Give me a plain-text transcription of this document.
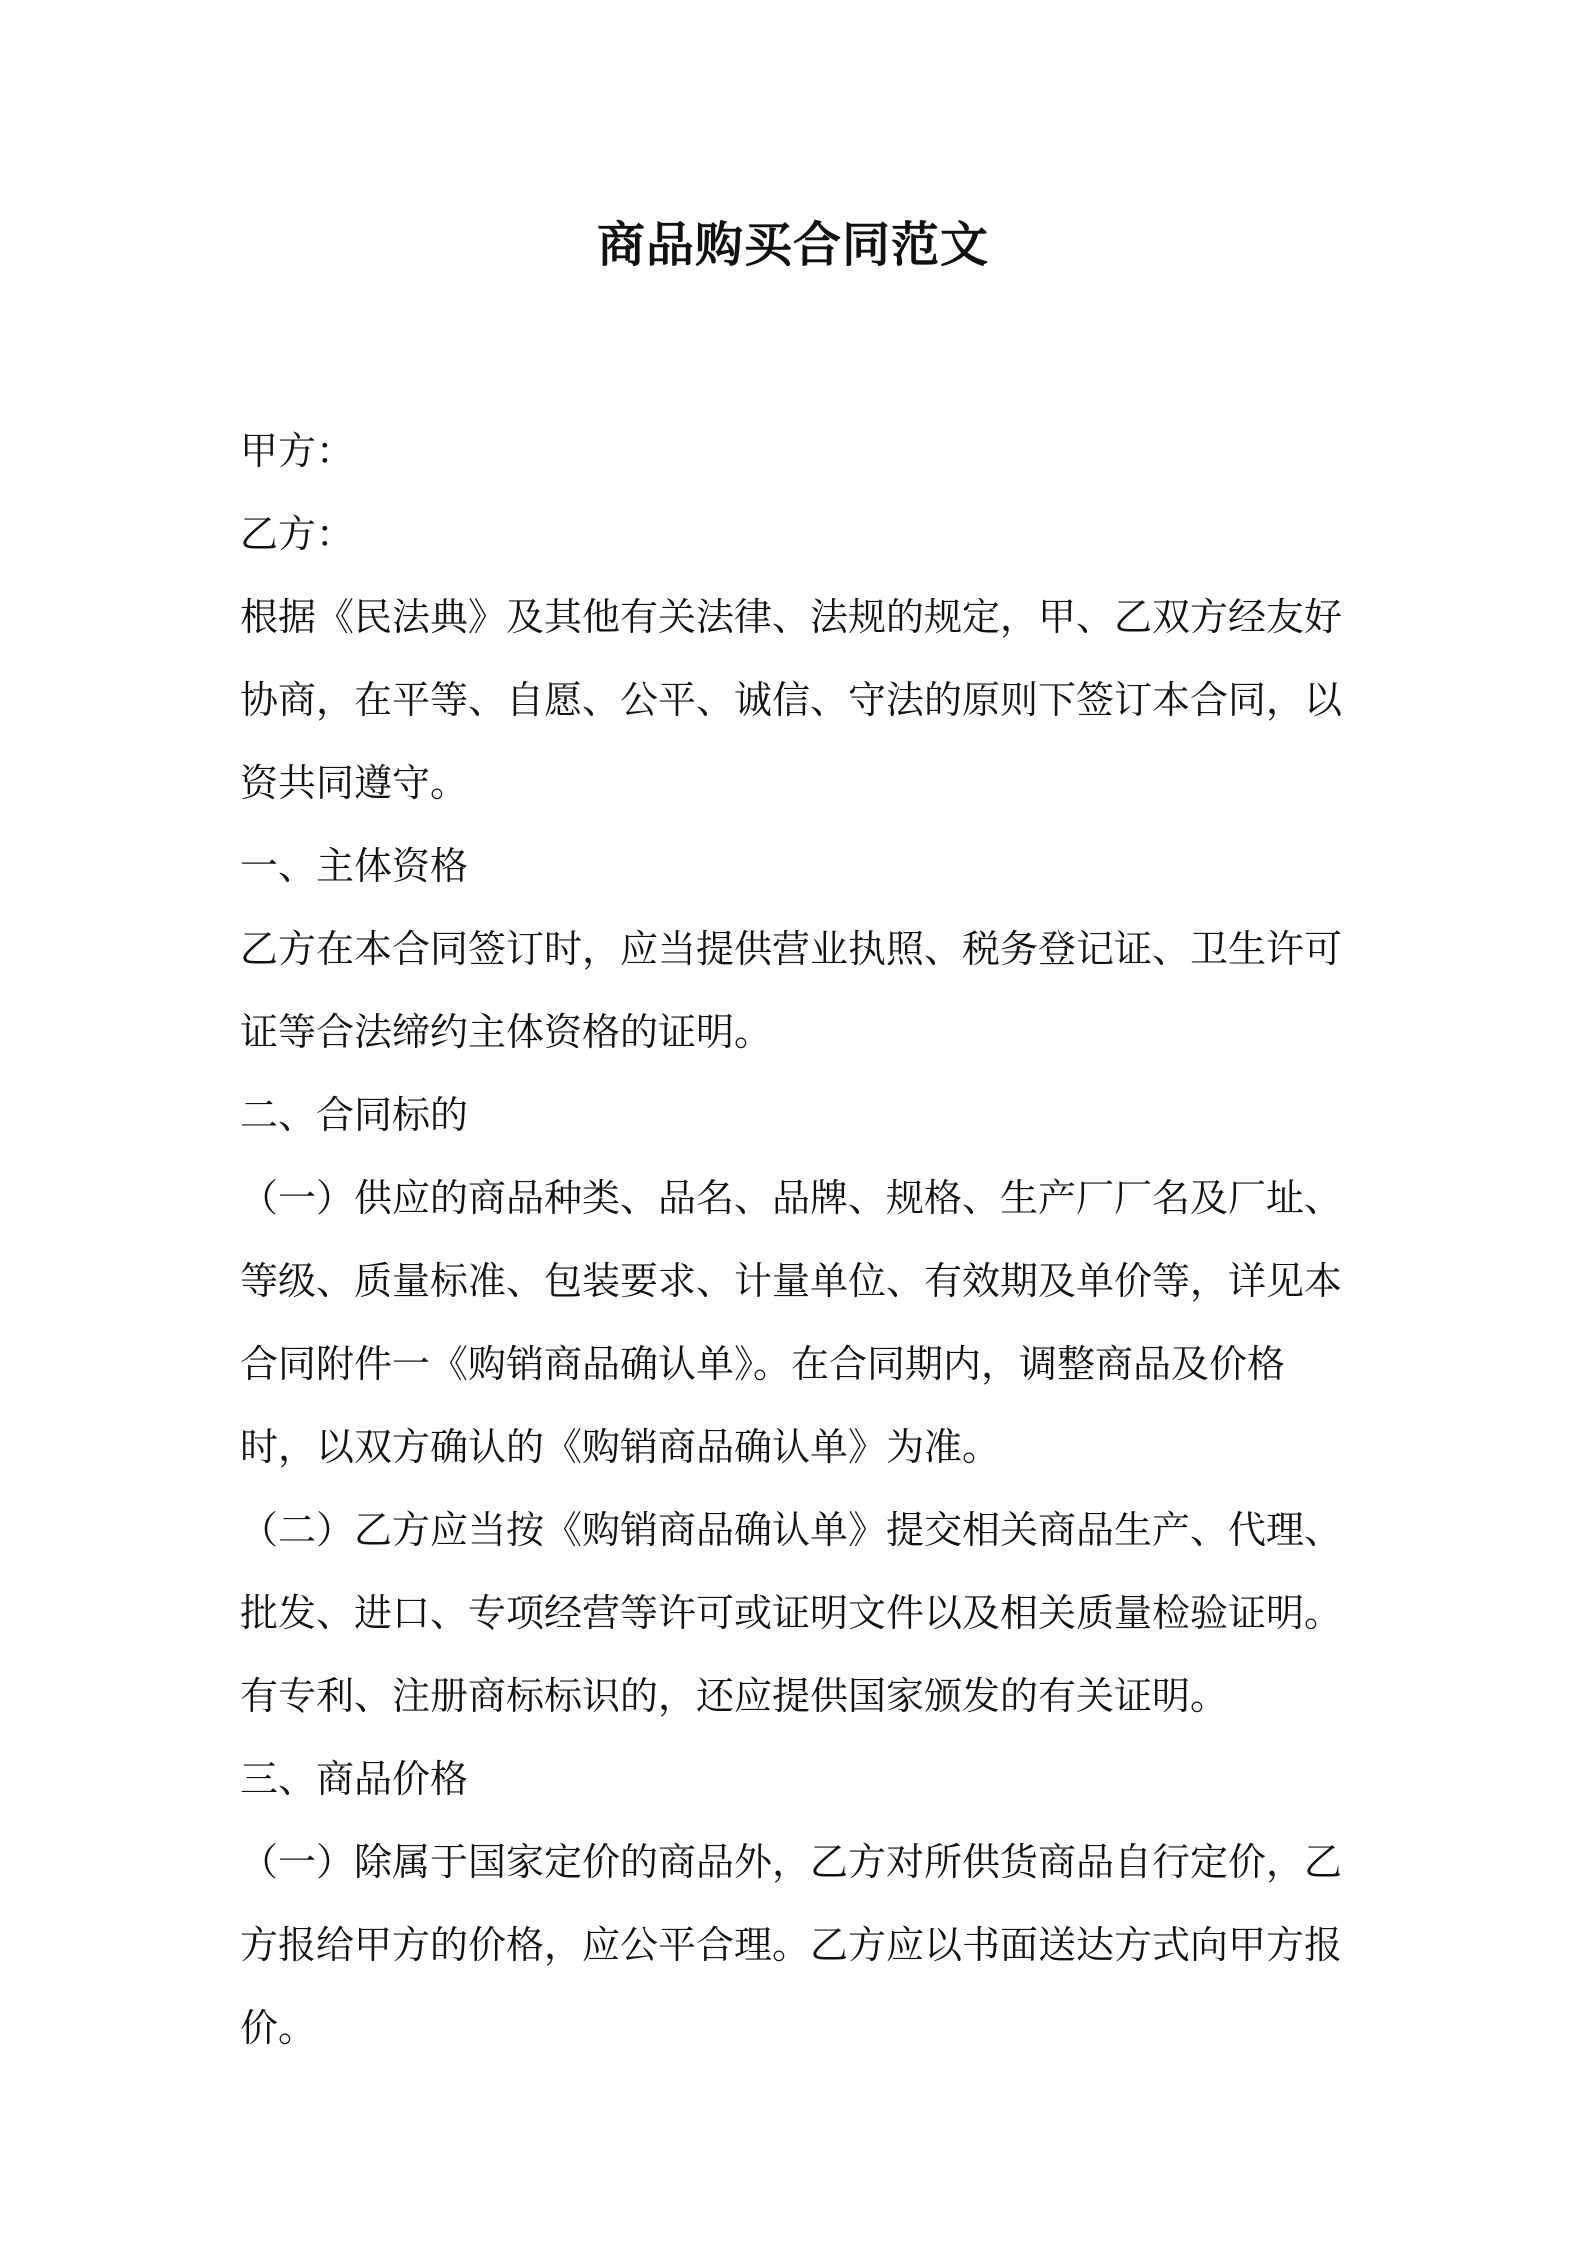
商品购买合同范文

甲方：

乙方：

根据《民法典》及其他有关法律、法规的规定，甲、乙双方经友好协商，在平等、自愿、公平、诚信、守法的原则下签订本合同，以资共同遵守。

一、主体资格

乙方在本合同签订时，应当提供营业执照、税务登记证、卫生许可证等合法缔约主体资格的证明。

二、合同标的

（一）供应的商品种类、品名、品牌、规格、生产厂厂名及厂址、等级、质量标准、包装要求、计量单位、有效期及单价等，详见本合同附件一《购销商品确认单》。在合同期内，调整商品及价格时，以双方确认的《购销商品确认单》为准。

（二）乙方应当按《购销商品确认单》提交相关商品生产、代理、批发、进口、专项经营等许可或证明文件以及相关质量检验证明。有专利、注册商标标识的，还应提供国家颁发的有关证明。

三、商品价格

（一）除属于国家定价的商品外，乙方对所供货商品自行定价，乙方报给甲方的价格，应公平合理。乙方应以书面送达方式向甲方报价。
